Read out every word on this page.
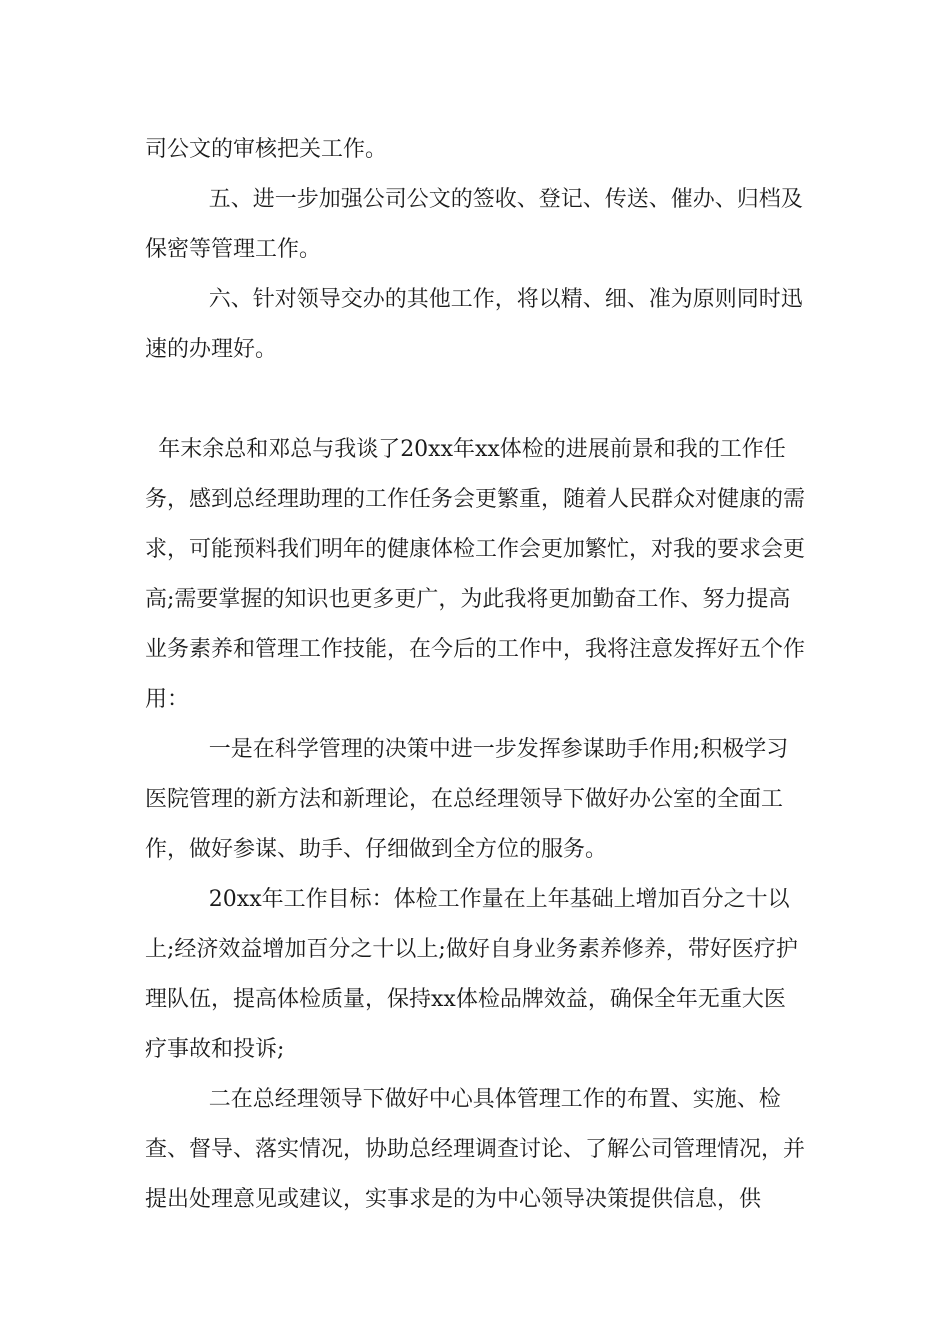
司公文的审核把关工作。

五、进一步加强公司公文的签收、登记、传送、催办、归档及保密等管理工作。

六、针对领导交办的其他工作，将以精、细、准为原则同时迅速的办理好。

年末余总和邓总与我谈了20xx年xx体检的进展前景和我的工作任务，感到总经理助理的工作任务会更繁重，随着人民群众对健康的需求，可能预料我们明年的健康体检工作会更加繁忙，对我的要求会更高;需要掌握的知识也更多更广，为此我将更加勤奋工作、努力提高业务素养和管理工作技能，在今后的工作中，我将注意发挥好五个作用：

一是在科学管理的决策中进一步发挥参谋助手作用;积极学习医院管理的新方法和新理论，在总经理领导下做好办公室的全面工作，做好参谋、助手、仔细做到全方位的服务。

20xx年工作目标：体检工作量在上年基础上增加百分之十以上;经济效益增加百分之十以上;做好自身业务素养修养，带好医疗护理队伍，提高体检质量，保持xx体检品牌效益，确保全年无重大医疗事故和投诉;

二在总经理领导下做好中心具体管理工作的布置、实施、检查、督导、落实情况，协助总经理调查讨论、了解公司管理情况，并提出处理意见或建议，实事求是的为中心领导决策提供信息，供
